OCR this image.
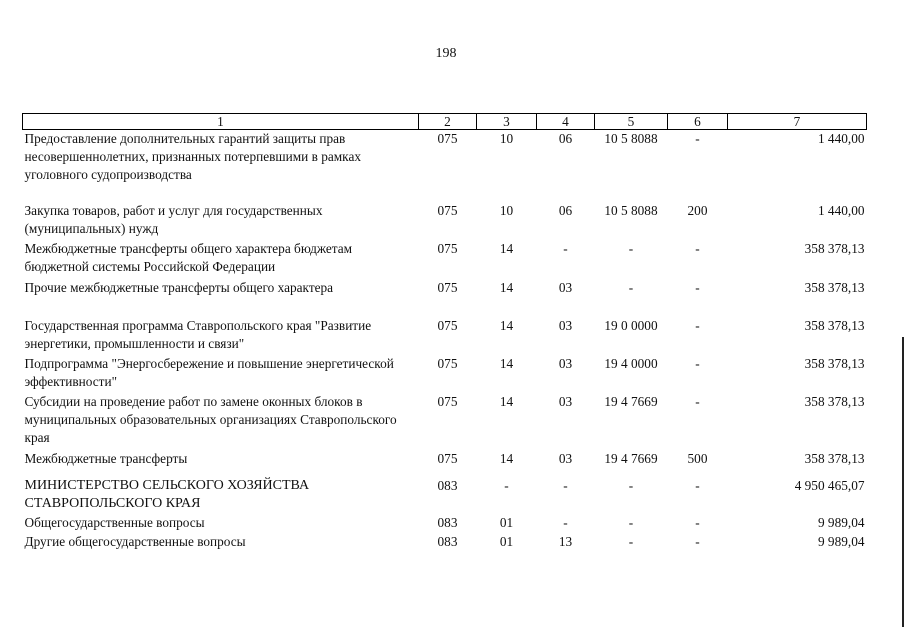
198
1	2	3	4	5	6	7
Предоставление дополнительных гарантий защиты прав несовершеннолетних, признанных потерпевшими в рамках уголовного судопроизводства	075	10	06	10 5 8088	-	1 440,00
Закупка товаров, работ и услуг для государственных (муниципальных) нужд	075	10	06	10 5 8088	200	1 440,00
Межбюджетные трансферты общего характера бюджетам бюджетной системы Российской Федерации	075	14	-	-	-	358 378,13
Прочие межбюджетные трансферты общего характера	075	14	03	-	-	358 378,13
Государственная программа Ставропольского края "Развитие энергетики, промышленности и связи"	075	14	03	19 0 0000	-	358 378,13
Подпрограмма "Энергосбережение и повышение энергетической эффективности"	075	14	03	19 4 0000	-	358 378,13
Субсидии на проведение работ по замене оконных блоков в муниципальных образовательных организациях Ставропольского края	075	14	03	19 4 7669	-	358 378,13
Межбюджетные трансферты	075	14	03	19 4 7669	500	358 378,13
МИНИСТЕРСТВО СЕЛЬСКОГО ХОЗЯЙСТВА СТАВРОПОЛЬСКОГО КРАЯ	083	-	-	-	-	4 950 465,07
Общегосударственные вопросы	083	01	-	-	-	9 989,04
Другие общегосударственные вопросы	083	01	13	-	-	9 989,04
